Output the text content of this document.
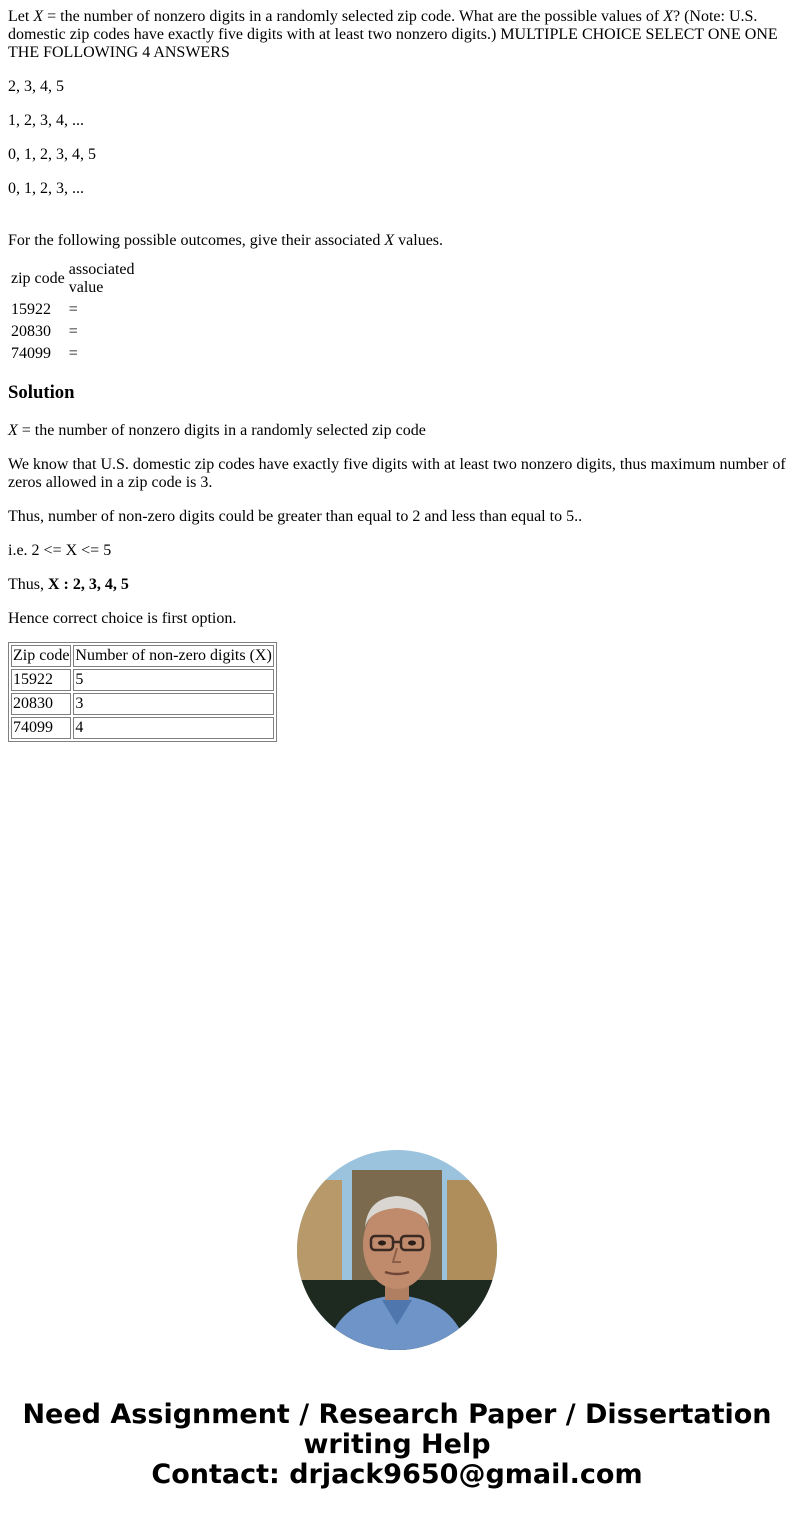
Let X = the number of nonzero digits in a randomly selected zip code. What are the possible values of X? (Note: U.S. domestic zip codes have exactly five digits with at least two nonzero digits.) MULTIPLE CHOICE SELECT ONE ONE THE FOLLOWING 4 ANSWERS

2, 3, 4, 5

1, 2, 3, 4, ...

0, 1, 2, 3, 4, 5

0, 1, 2, 3, ...

For the following possible outcomes, give their associated X values.

zip code	associated value
15922	=
20830	=
74099	=
Solution

X = the number of nonzero digits in a randomly selected zip code

We know that U.S. domestic zip codes have exactly five digits with at least two nonzero digits, thus maximum number of zeros allowed in a zip code is 3.

Thus, number of non-zero digits could be greater than equal to 2 and less than equal to 5..

i.e. 2 <= X <= 5

Thus, X : 2, 3, 4, 5

Hence correct choice is first option.

Zip code	Number of non-zero digits (X)
15922	5
20830	3
74099	4
Need Assignment / Research Paper / Dissertation
writing Help
Contact: drjack9650@gmail.com
